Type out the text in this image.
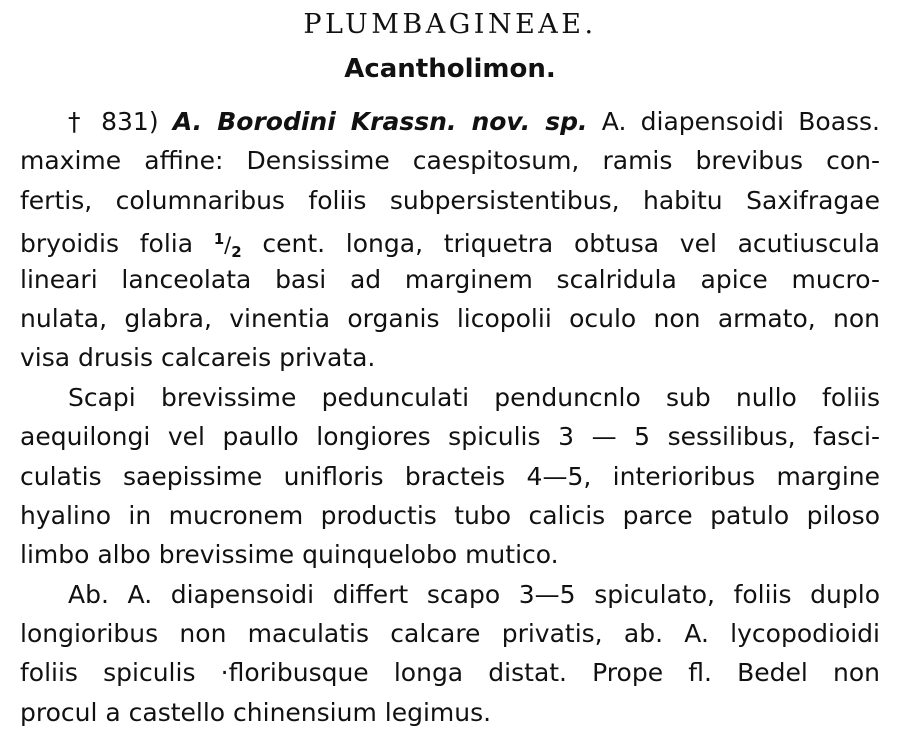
PLUMBAGINEAE.
Acantholimon.
† 831) A. Borodini Krassn. nov. sp. A. diapensoidi Boass.
maxime affine: Densissime caespitosum, ramis brevibus con-
fertis, columnaribus foliis subpersistentibus, habitu Saxifragae
bryoidis folia $^1/_2$ cent. longa, triquetra obtusa vel acutiuscula
lineari lanceolata basi ad marginem scalridula apice mucro-
nulata, glabra, vinentia organis licopolii oculo non armato, non
visa drusis calcareis privata.
Scapi brevissime pedunculati penduncnlo sub nullo foliis
aequilongi vel paullo longiores spiculis 3 — 5 sessilibus, fasci-
culatis saepissime unifloris bracteis 4—5, interioribus margine
hyalino in mucronem productis tubo calicis parce patulo piloso
limbo albo brevissime quinquelobo mutico.
Ab. A. diapensoidi differt scapo 3—5 spiculato, foliis duplo
longioribus non maculatis calcare privatis, ab. A. lycopodioidi
foliis spiculis ·floribusque longa distat. Prope fl. Bedel non
procul a castello chinensium legimus.
